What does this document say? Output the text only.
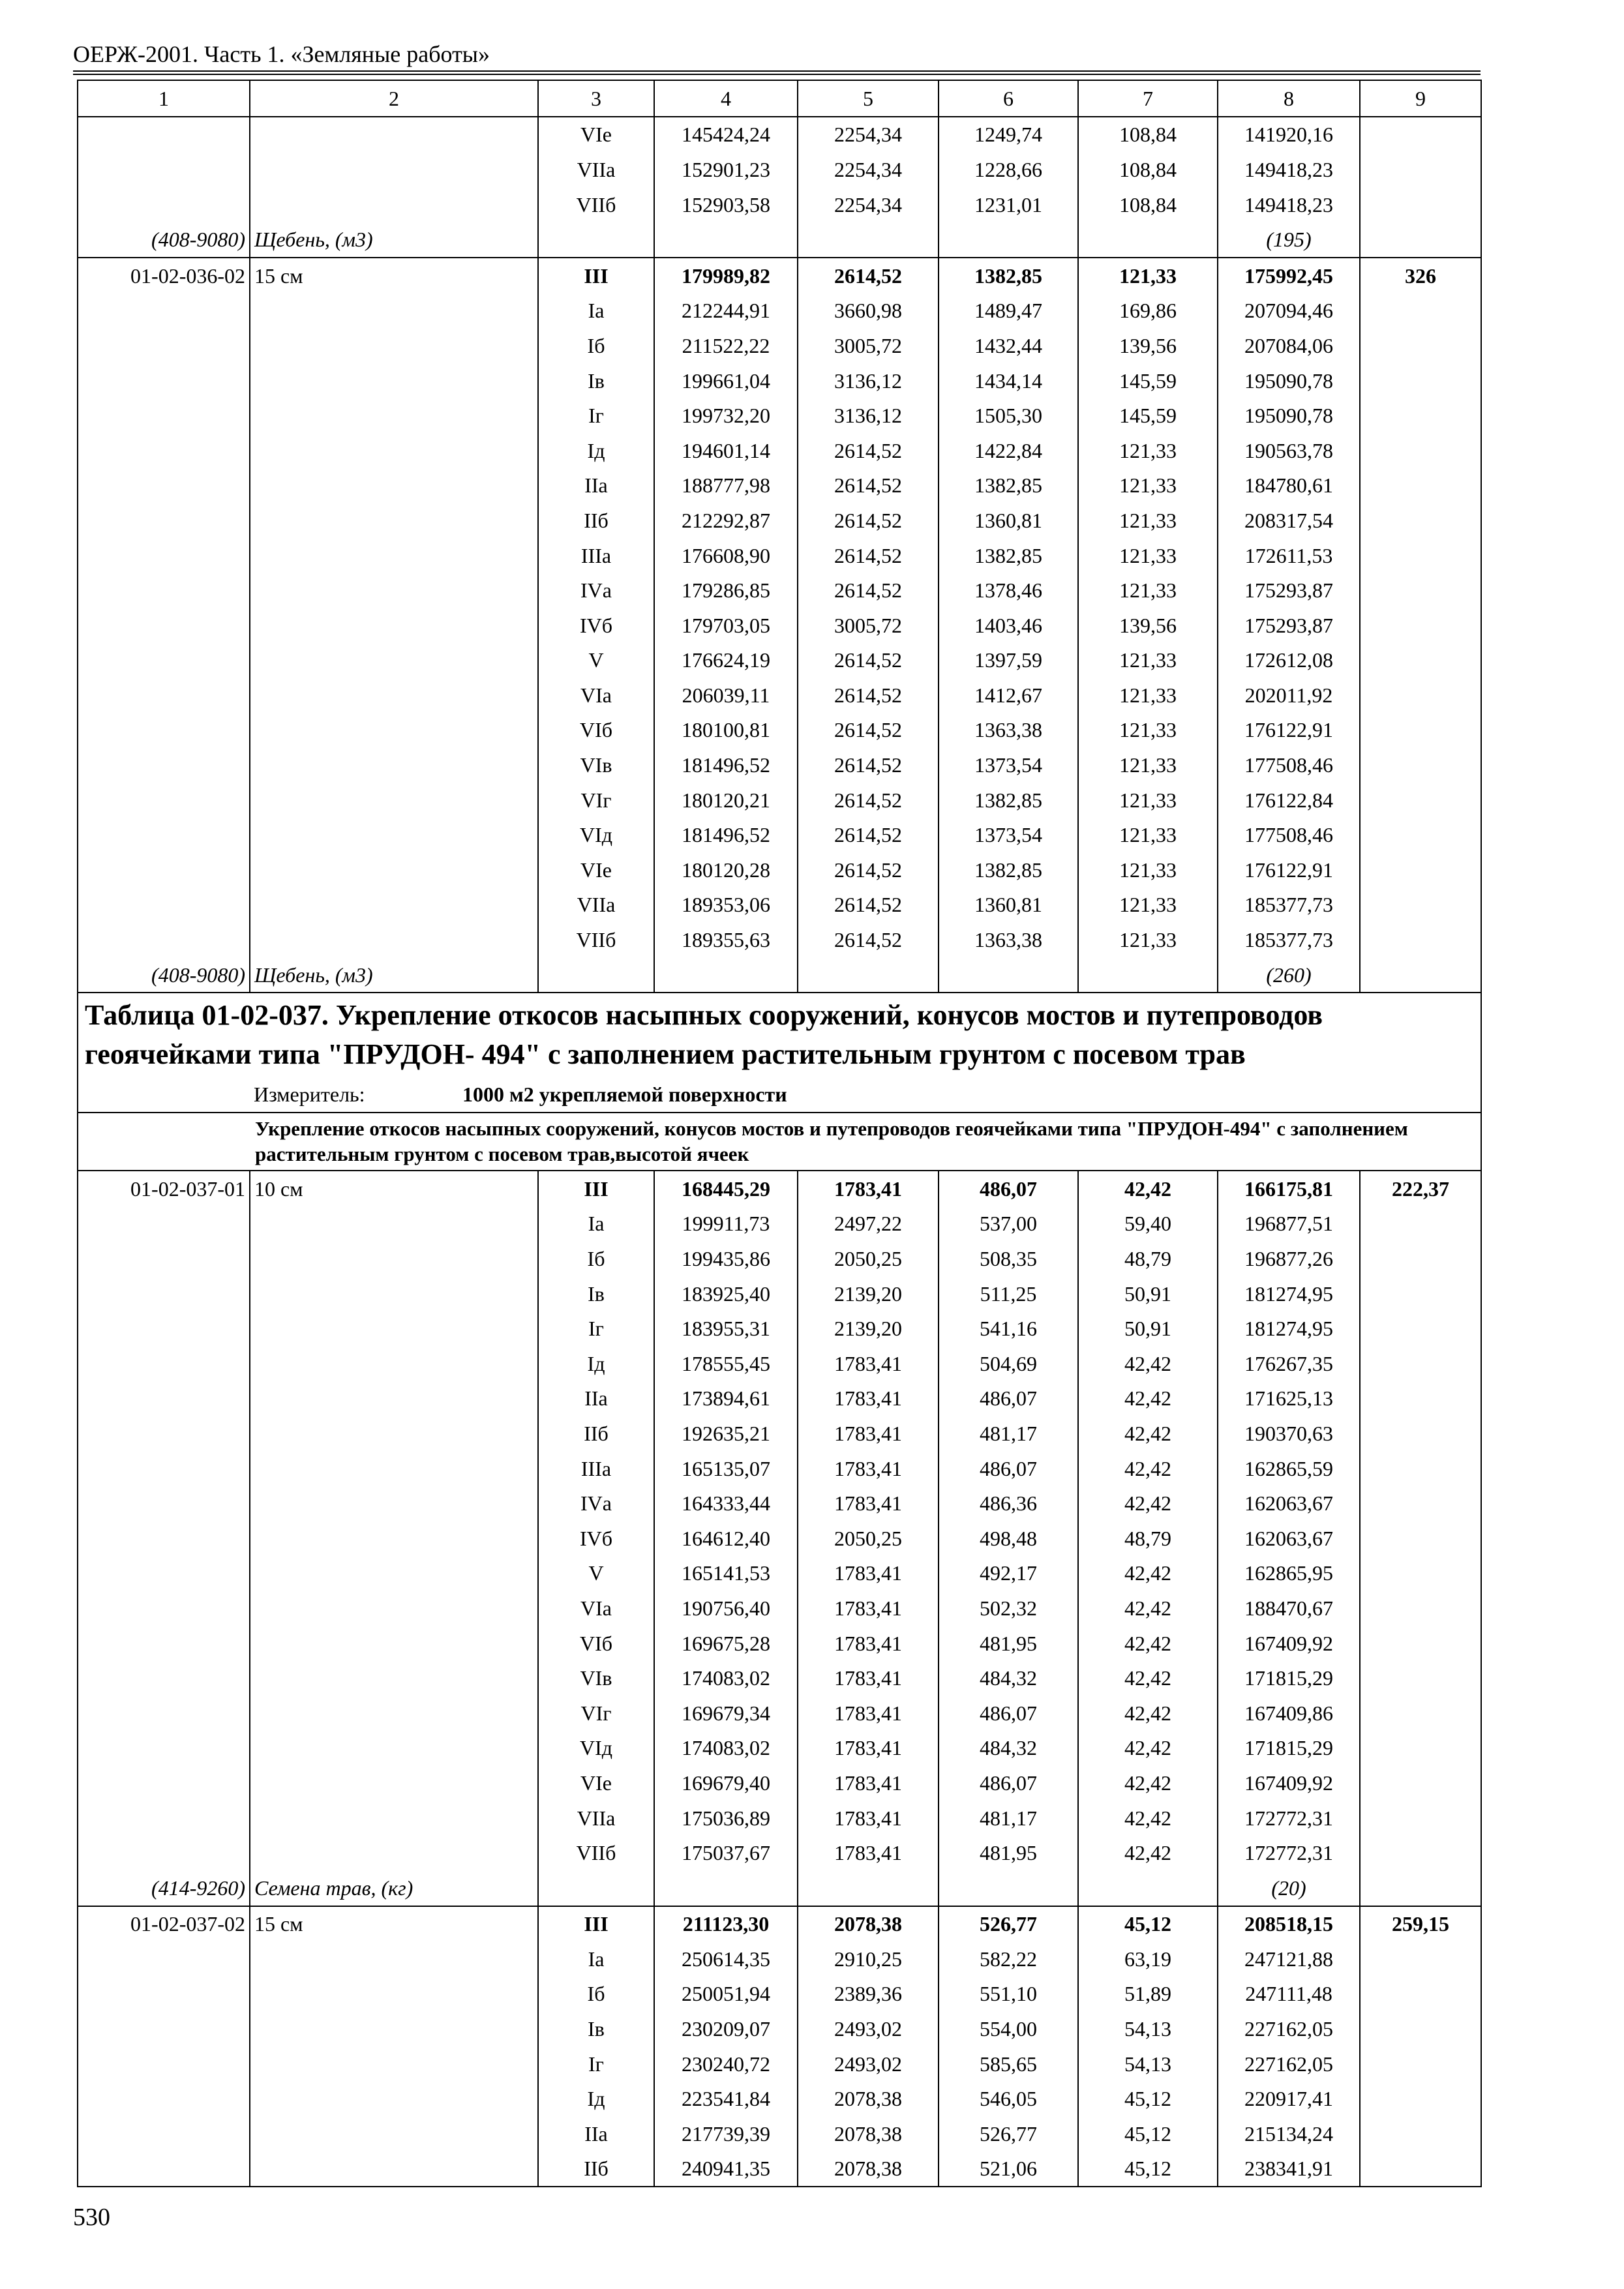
ОЕРЖ-2001. Часть 1. «Земляные работы»
1	2	3	4	5	6	7	8	9
		VIе	145424,24	2254,34	1249,74	108,84	141920,16	
		VIIа	152901,23	2254,34	1228,66	108,84	149418,23	
		VIIб	152903,58	2254,34	1231,01	108,84	149418,23	
(408-9080)	Щебень, (м3)						(195)	
01-02-036-02	15 см	III	179989,82	2614,52	1382,85	121,33	175992,45	326
		Iа	212244,91	3660,98	1489,47	169,86	207094,46	
		Iб	211522,22	3005,72	1432,44	139,56	207084,06	
		Iв	199661,04	3136,12	1434,14	145,59	195090,78	
		Iг	199732,20	3136,12	1505,30	145,59	195090,78	
		Iд	194601,14	2614,52	1422,84	121,33	190563,78	
		IIа	188777,98	2614,52	1382,85	121,33	184780,61	
		IIб	212292,87	2614,52	1360,81	121,33	208317,54	
		IIIа	176608,90	2614,52	1382,85	121,33	172611,53	
		IVа	179286,85	2614,52	1378,46	121,33	175293,87	
		IVб	179703,05	3005,72	1403,46	139,56	175293,87	
		V	176624,19	2614,52	1397,59	121,33	172612,08	
		VIа	206039,11	2614,52	1412,67	121,33	202011,92	
		VIб	180100,81	2614,52	1363,38	121,33	176122,91	
		VIв	181496,52	2614,52	1373,54	121,33	177508,46	
		VIг	180120,21	2614,52	1382,85	121,33	176122,84	
		VIд	181496,52	2614,52	1373,54	121,33	177508,46	
		VIе	180120,28	2614,52	1382,85	121,33	176122,91	
		VIIа	189353,06	2614,52	1360,81	121,33	185377,73	
		VIIб	189355,63	2614,52	1363,38	121,33	185377,73	
(408-9080)	Щебень, (м3)						(260)	
Таблица 01-02-037. Укрепление откосов насыпных сооружений, конусов мостов и путепроводов геоячейками типа "ПРУДОН- 494" с заполнением растительным грунтом с посевом трав								
	Измеритель: 1000 м2 укрепляемой поверхности							
	Укрепление откосов насыпных сооружений, конусов мостов и путепроводов геоячейками типа "ПРУДОН-494" с заполнением растительным грунтом с посевом трав,высотой ячеек							
01-02-037-01	10 см	III	168445,29	1783,41	486,07	42,42	166175,81	222,37
		Iа	199911,73	2497,22	537,00	59,40	196877,51	
		Iб	199435,86	2050,25	508,35	48,79	196877,26	
		Iв	183925,40	2139,20	511,25	50,91	181274,95	
		Iг	183955,31	2139,20	541,16	50,91	181274,95	
		Iд	178555,45	1783,41	504,69	42,42	176267,35	
		IIа	173894,61	1783,41	486,07	42,42	171625,13	
		IIб	192635,21	1783,41	481,17	42,42	190370,63	
		IIIа	165135,07	1783,41	486,07	42,42	162865,59	
		IVа	164333,44	1783,41	486,36	42,42	162063,67	
		IVб	164612,40	2050,25	498,48	48,79	162063,67	
		V	165141,53	1783,41	492,17	42,42	162865,95	
		VIа	190756,40	1783,41	502,32	42,42	188470,67	
		VIб	169675,28	1783,41	481,95	42,42	167409,92	
		VIв	174083,02	1783,41	484,32	42,42	171815,29	
		VIг	169679,34	1783,41	486,07	42,42	167409,86	
		VIд	174083,02	1783,41	484,32	42,42	171815,29	
		VIе	169679,40	1783,41	486,07	42,42	167409,92	
		VIIа	175036,89	1783,41	481,17	42,42	172772,31	
		VIIб	175037,67	1783,41	481,95	42,42	172772,31	
(414-9260)	Семена трав, (кг)						(20)	
01-02-037-02	15 см	III	211123,30	2078,38	526,77	45,12	208518,15	259,15
		Iа	250614,35	2910,25	582,22	63,19	247121,88	
		Iб	250051,94	2389,36	551,10	51,89	247111,48	
		Iв	230209,07	2493,02	554,00	54,13	227162,05	
		Iг	230240,72	2493,02	585,65	54,13	227162,05	
		Iд	223541,84	2078,38	546,05	45,12	220917,41	
		IIа	217739,39	2078,38	526,77	45,12	215134,24	
		IIб	240941,35	2078,38	521,06	45,12	238341,91	
530
